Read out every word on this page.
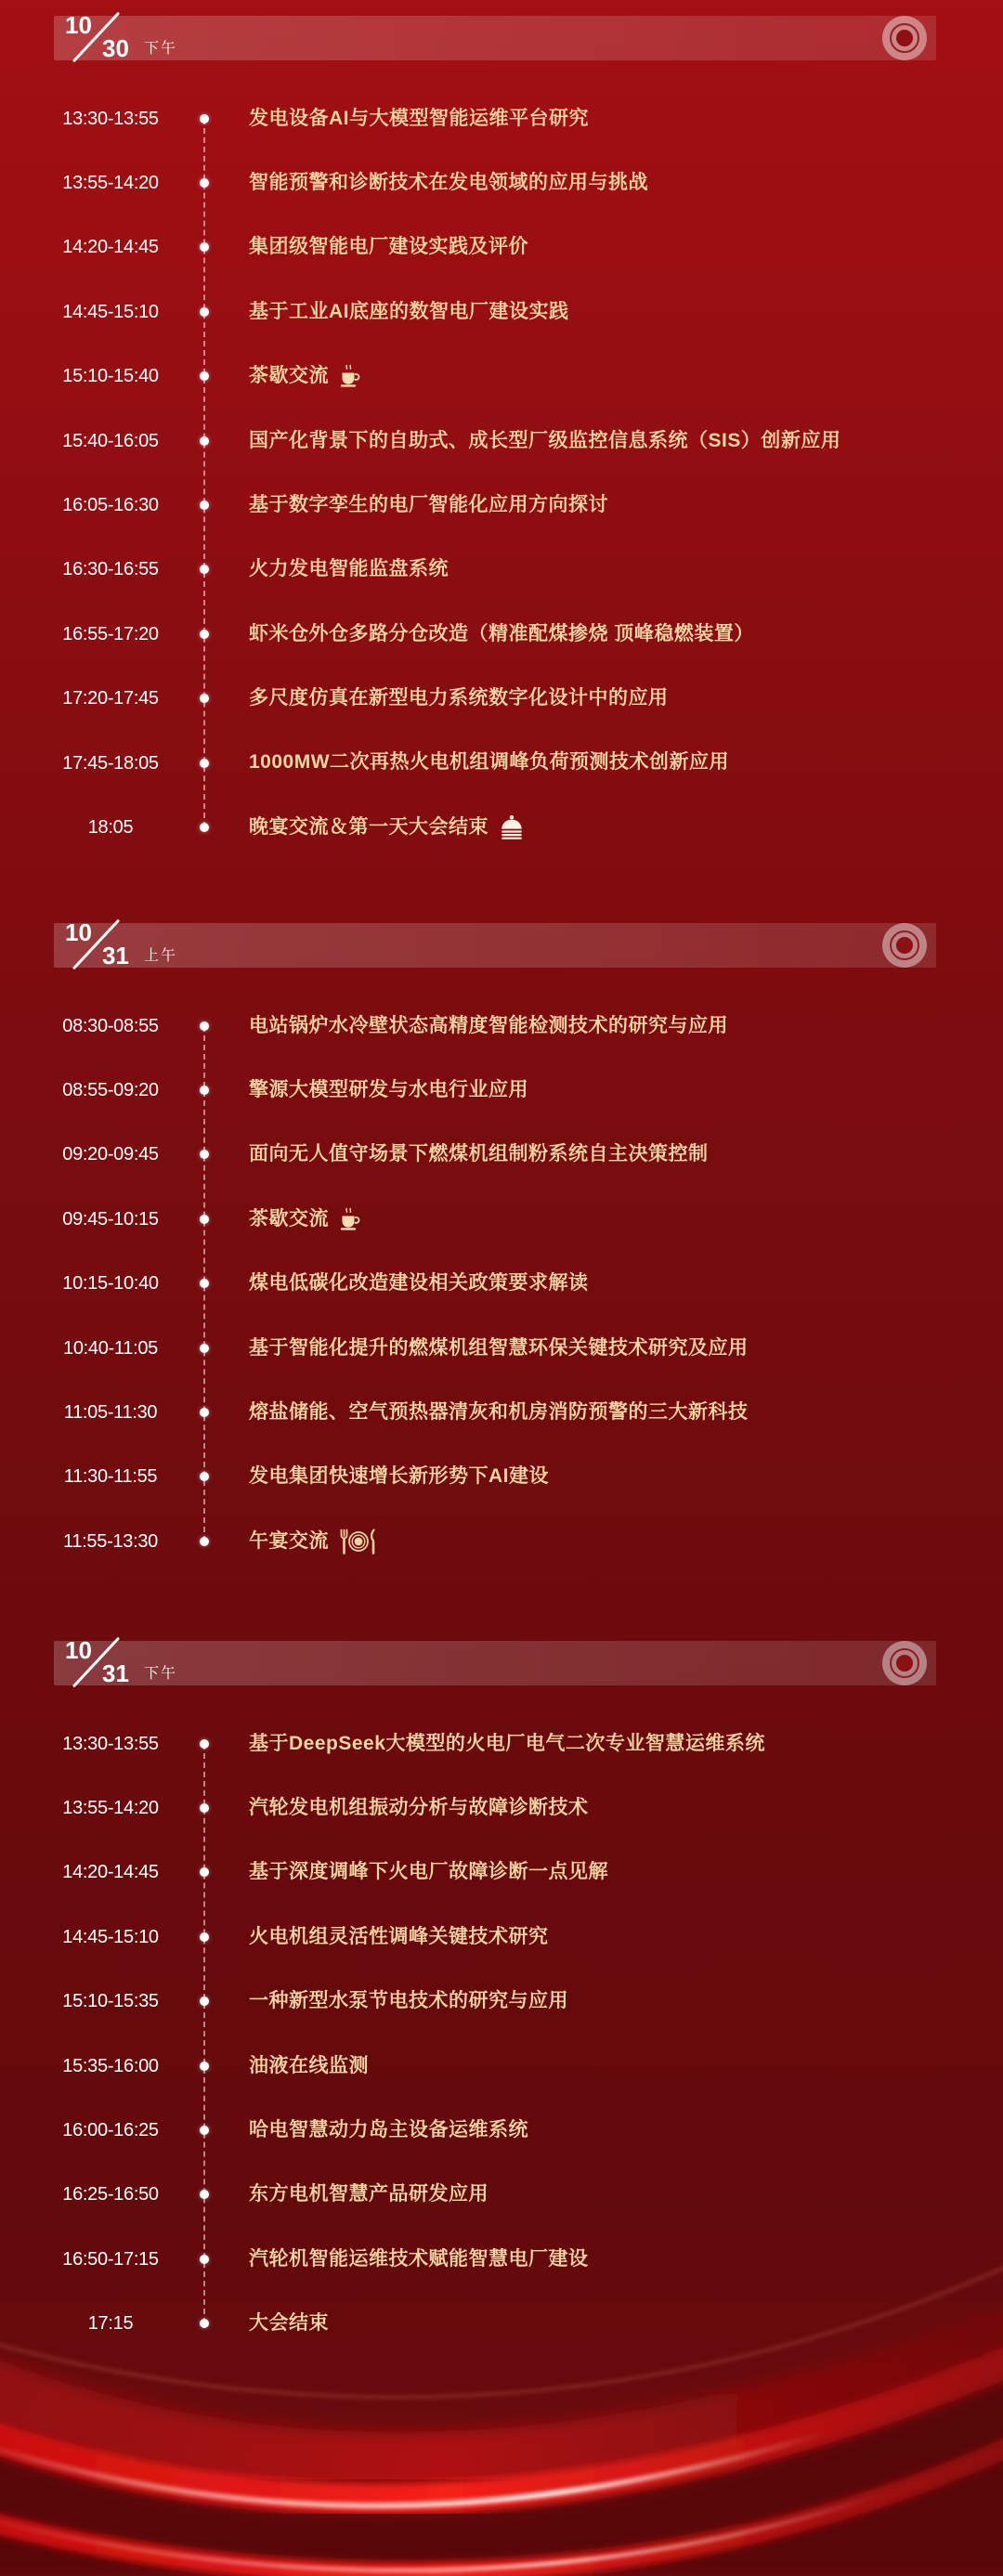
10
30 下午
13:30-13:55	发电设备AI与大模型智能运维平台研究
13:55-14:20	智能预警和诊断技术在发电领域的应用与挑战
14:20-14:45	集团级智能电厂建设实践及评价
14:45-15:10	基于工业AI底座的数智电厂建设实践
15:10-15:40	茶歇交流
15:40-16:05	国产化背景下的自助式、成长型厂级监控信息系统（SIS）创新应用
16:05-16:30	基于数字孪生的电厂智能化应用方向探讨
16:30-16:55	火力发电智能监盘系统
16:55-17:20	虾米仓外仓多路分仓改造（精准配煤掺烧 顶峰稳燃装置）
17:20-17:45	多尺度仿真在新型电力系统数字化设计中的应用
17:45-18:05	1000MW二次再热火电机组调峰负荷预测技术创新应用
18:05	晚宴交流＆第一天大会结束
10
31 上午
08:30-08:55	电站锅炉水冷壁状态高精度智能检测技术的研究与应用
08:55-09:20	擎源大模型研发与水电行业应用
09:20-09:45	面向无人值守场景下燃煤机组制粉系统自主决策控制
09:45-10:15	茶歇交流
10:15-10:40	煤电低碳化改造建设相关政策要求解读
10:40-11:05	基于智能化提升的燃煤机组智慧环保关键技术研究及应用
11:05-11:30	熔盐储能、空气预热器清灰和机房消防预警的三大新科技
11:30-11:55	发电集团快速增长新形势下AI建设
11:55-13:30	午宴交流
10
31 下午
13:30-13:55	基于DeepSeek大模型的火电厂电气二次专业智慧运维系统
13:55-14:20	汽轮发电机组振动分析与故障诊断技术
14:20-14:45	基于深度调峰下火电厂故障诊断一点见解
14:45-15:10	火电机组灵活性调峰关键技术研究
15:10-15:35	一种新型水泵节电技术的研究与应用
15:35-16:00	油液在线监测
16:00-16:25	哈电智慧动力岛主设备运维系统
16:25-16:50	东方电机智慧产品研发应用
16:50-17:15	汽轮机智能运维技术赋能智慧电厂建设
17:15	大会结束
